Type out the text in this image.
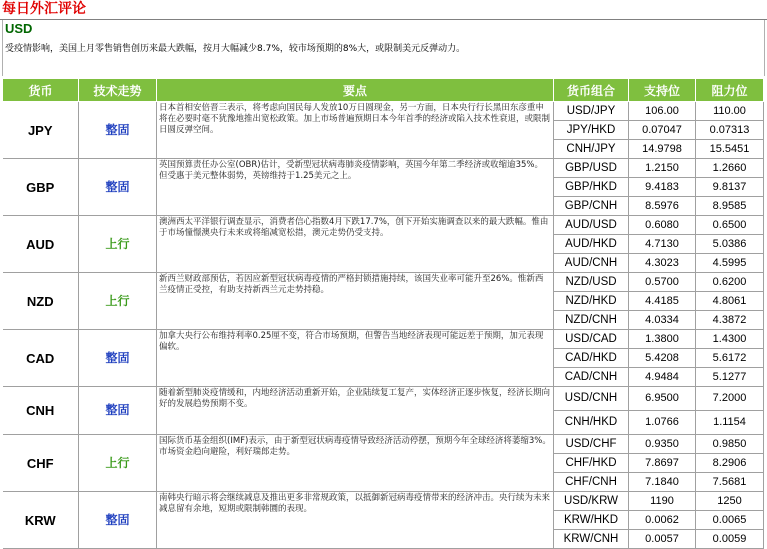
每日外汇评论
USD
受疫情影响，美国上月零售销售创历来最大跌幅，按月大幅减少8.7%，较市场预期的8%大，或限制美元反弹动力。
货币	技术走势	要点	货币组合	支持位	阻力位
JPY	整固	日本首相安倍晋三表示，将考虑向国民每人发放10万日圆现金，另一方面，日本央行行长黑田东彦重申将在必要时毫不犹豫地推出宽松政策。加上市场普遍预期日本今年首季的经济或陷入技术性衰退，或限制日圆反弹空间。	USD/JPY	106.00	110.00
			JPY/HKD	0.07047	0.07313
			CNH/JPY	14.9798	15.5451
GBP	整固	英国预算责任办公室(OBR)估计，受新型冠状病毒肺炎疫情影响，英国今年第二季经济或收缩逾35%。但受惠于美元整体弱势，英镑维持于1.25美元之上。	GBP/USD	1.2150	1.2660
			GBP/HKD	9.4183	9.8137
			GBP/CNH	8.5976	8.9585
AUD	上行	澳洲西太平洋银行调查显示，消费者信心指数4月下跌17.7%，创下开始实施调查以来的最大跌幅。惟由于市场憧憬澳央行未来或将缩减宽松措，澳元走势仍受支持。	AUD/USD	0.6080	0.6500
			AUD/HKD	4.7130	5.0386
			AUD/CNH	4.3023	4.5995
NZD	上行	新西兰财政部预估，若因应新型冠状病毒疫情的严格封锁措施持续，该国失业率可能升至26%。惟新西兰疫情正受控，有助支持新西兰元走势持稳。	NZD/USD	0.5700	0.6200
			NZD/HKD	4.4185	4.8061
			NZD/CNH	4.0334	4.3872
CAD	整固	加拿大央行公布维持利率0.25厘不变，符合市场预期，但警告当地经济表现可能远差于预期，加元表现偏软。	USD/CAD	1.3800	1.4300
			CAD/HKD	5.4208	5.6172
			CAD/CNH	4.9484	5.1277
CNH	整固	随着新型肺炎疫情缓和，内地经济活动重新开始，企业陆续复工复产，实体经济正逐步恢复，经济长期向好的发展趋势预期不变。	USD/CNH	6.9500	7.2000
			CNH/HKD	1.0766	1.1154
CHF	上行	国际货币基金组织(IMF)表示，由于新型冠状病毒疫情导致经济活动停摆，预期今年全球经济将萎缩3%。市场资金趋向避险，利好瑞郎走势。	USD/CHF	0.9350	0.9850
			CHF/HKD	7.8697	8.2906
			CHF/CNH	7.1840	7.5681
KRW	整固	南韩央行暗示将会继续减息及推出更多非常规政策，以抵御新冠病毒疫情带来的经济冲击。央行续为未来减息留有余地，短期或限制韩圜的表现。	USD/KRW	1190	1250
			KRW/HKD	0.0062	0.0065
			KRW/CNH	0.0057	0.0059
